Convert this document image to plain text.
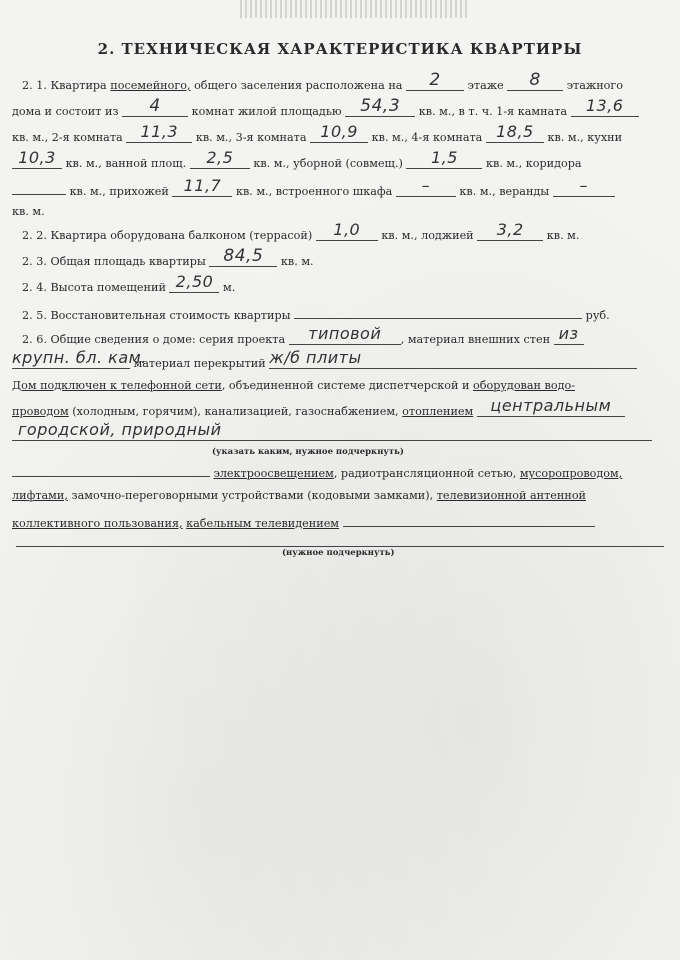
2. ТЕХНИЧЕСКАЯ ХАРАКТЕРИСТИКА КВАРТИРЫ
2. 1. Квартира посемейного, общего заселения расположена на 2 этаже 8 этажного
дома и состоит из 4	комнат жилой площадью 54,3 кв. м., в т. ч. 1-я камната 13,6
кв. м., 2-я комната 11,3 кв. м., 3-я комната 10,9 кв. м., 4-я комната 18,5 кв. м., кухни
10,3 кв. м., ванной площ. 2,5 кв. м., уборной (совмещ.) 1,5	кв. м., коридора
кв. м., прихожей 11,7 кв. м., встроенного шкафа –	кв. м., веранды –
кв. м.
2. 2. Квартира оборудована балконом (террасой) 1,0 кв. м., лоджией 3,2 кв. м.
2. 3. Общая площадь квартиры 84,5 кв. м.
2. 4. Высота помещений 2,50 м.
2. 5. Восстановительная стоимость квартиры	руб.
2. 6. Общие сведения о доме: серия проекта типовой , материал внешних стен из
крупн. бл. кам. материал перекрытий ж/б плиты
Дом подключен к телефонной сети, объединенной системе диспетчерской и оборудован водо-
проводом (холодным, горячим), канализацией, газоснабжением, отоплением центральным
городской, природный
(указать каким, нужное подчеркнуть)
электроосвещением, радиотрансляционной сетью, мусоропроводом,
лифтами, замочно-переговорными устройствами (кодовыми замками), телевизионной антенной
коллективного пользования, кабельным телевидением
(нужное подчеркнуть)
